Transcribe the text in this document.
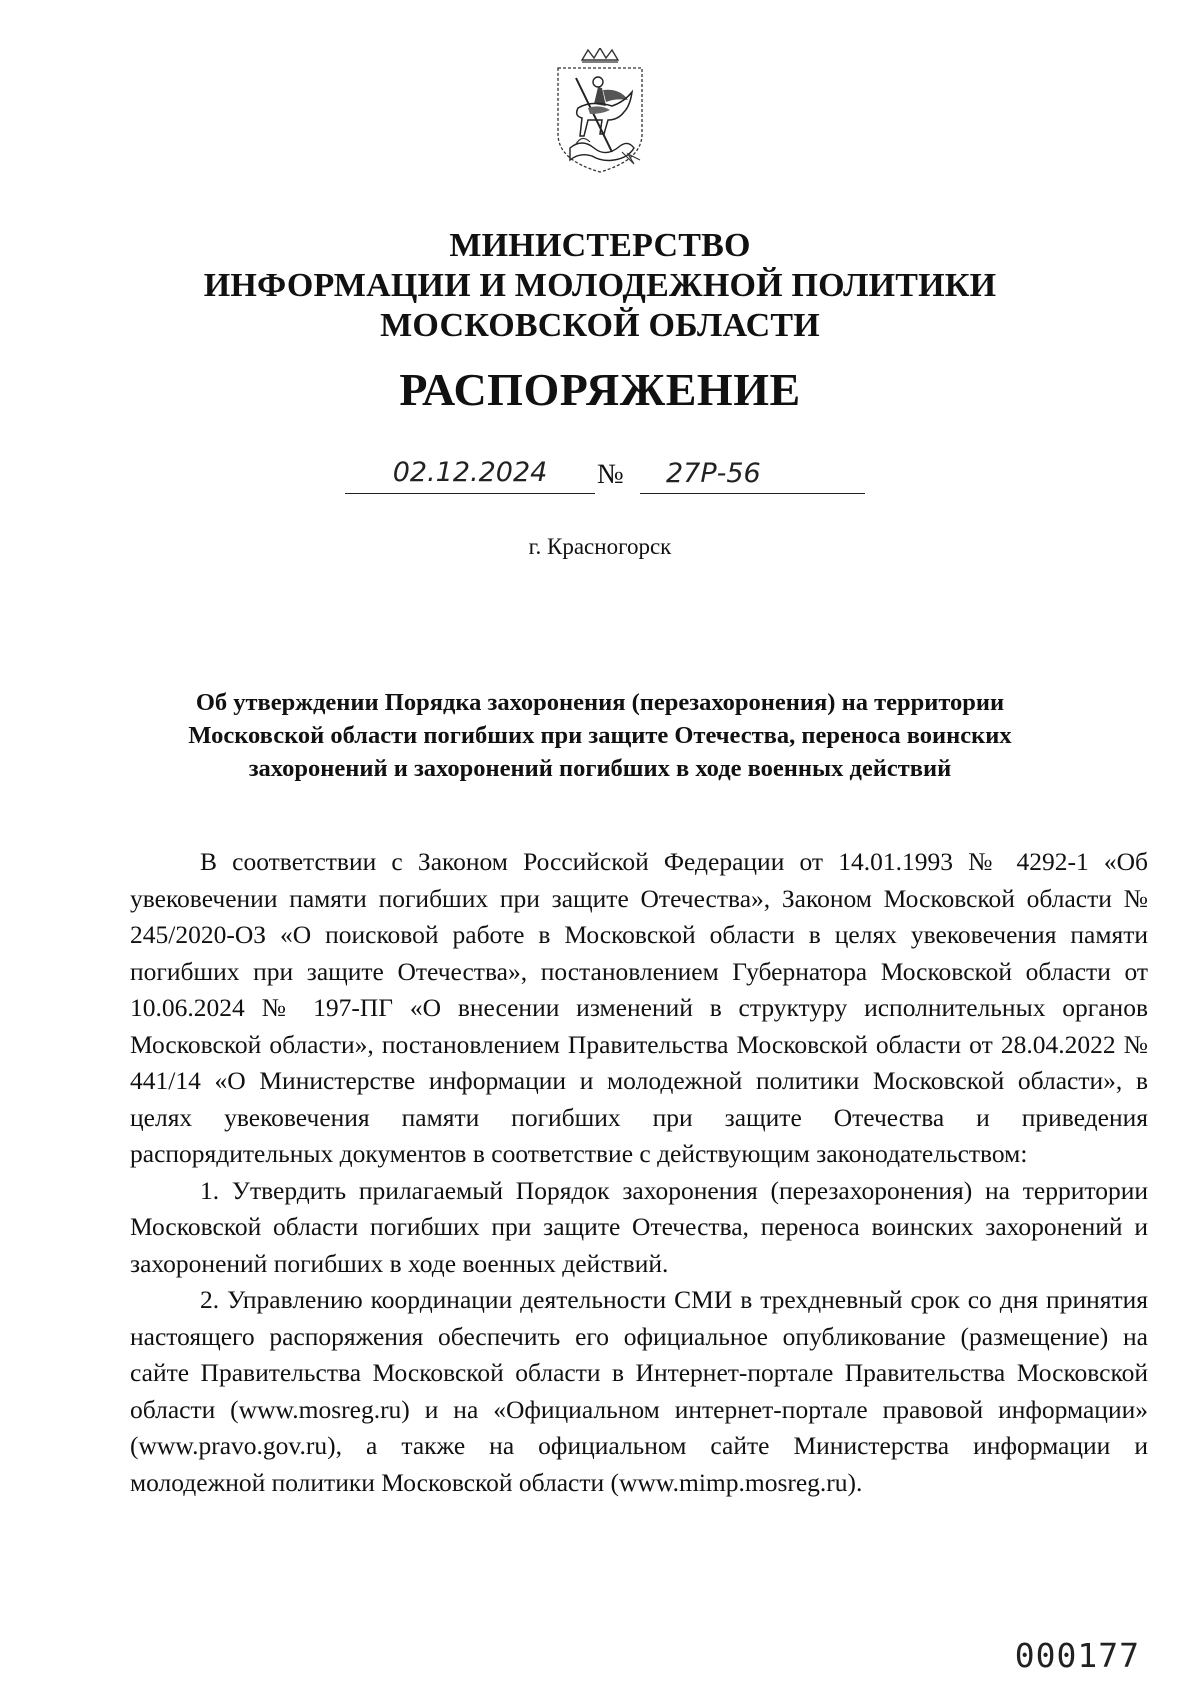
МИНИСТЕРСТВО
ИНФОРМАЦИИ И МОЛОДЕЖНОЙ ПОЛИТИКИ
МОСКОВСКОЙ ОБЛАСТИ
РАСПОРЯЖЕНИЕ
02.12.2024	№	27Р-56
г. Красногорск
Об утверждении Порядка захоронения (перезахоронения) на территории
Московской области погибших при защите Отечества, переноса воинских
захоронений и захоронений погибших в ходе военных действий

В соответствии с Законом Российской Федерации от 14.01.1993 № 4292-1 «Об увековечении памяти погибших при защите Отечества», Законом Московской области № 245/2020-ОЗ «О поисковой работе в Московской области в целях увековечения памяти погибших при защите Отечества», постановлением Губернатора Московской области от 10.06.2024 № 197-ПГ «О внесении изменений в структуру исполнительных органов Московской области», постановлением Правительства Московской области от 28.04.2022 № 441/14 «О Министерстве информации и молодежной политики Московской области», в целях увековечения памяти погибших при защите Отечества и приведения распорядительных документов в соответствие с действующим законодательством:

1. Утвердить прилагаемый Порядок захоронения (перезахоронения) на территории Московской области погибших при защите Отечества, переноса воинских захоронений и захоронений погибших в ходе военных действий.

2. Управлению координации деятельности СМИ в трехдневный срок со дня принятия настоящего распоряжения обеспечить его официальное опубликование (размещение) на сайте Правительства Московской области в Интернет-портале Правительства Московской области (www.mosreg.ru) и на «Официальном интернет-портале правовой информации» (www.pravo.gov.ru), а также на официальном сайте Министерства информации и молодежной политики Московской области (www.mimp.mosreg.ru).

000177
